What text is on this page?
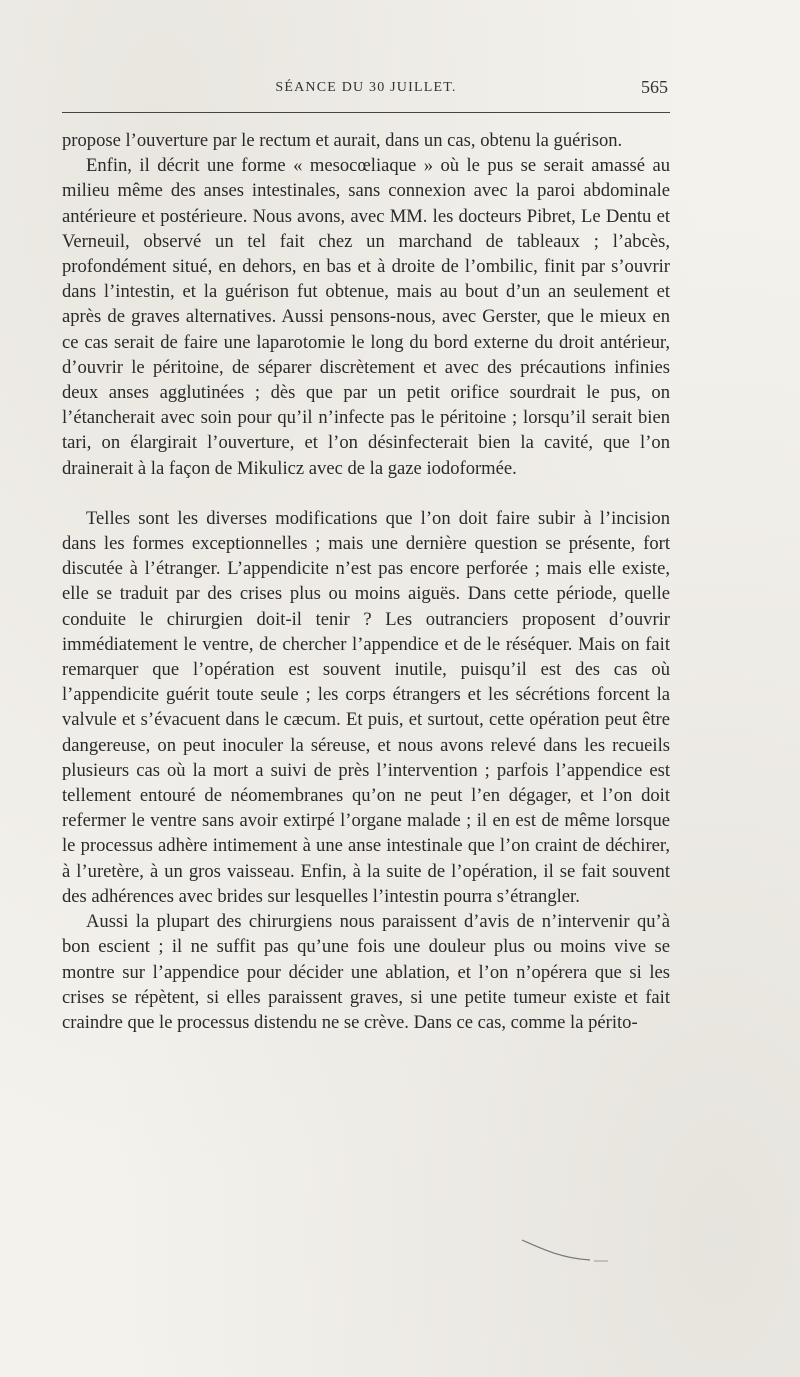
SÉANCE DU 30 JUILLET.	565

propose l’ouverture par le rectum et aurait, dans un cas, obtenu la guérison.

Enfin, il décrit une forme « mesocœliaque » où le pus se serait amassé au milieu même des anses intestinales, sans connexion avec la paroi abdominale antérieure et postérieure. Nous avons, avec MM. les docteurs Pibret, Le Dentu et Verneuil, observé un tel fait chez un marchand de tableaux ; l’abcès, profondément situé, en dehors, en bas et à droite de l’ombilic, finit par s’ouvrir dans l’intestin, et la guérison fut obtenue, mais au bout d’un an seulement et après de graves alternatives. Aussi pensons-nous, avec Gerster, que le mieux en ce cas serait de faire une laparotomie le long du bord externe du droit antérieur, d’ouvrir le péritoine, de séparer discrètement et avec des précautions infinies deux anses agglutinées ; dès que par un petit orifice sourdrait le pus, on l’étancherait avec soin pour qu’il n’infecte pas le péritoine ; lorsqu’il serait bien tari, on élargirait l’ouverture, et l’on désinfecterait bien la cavité, que l’on drainerait à la façon de Mikulicz avec de la gaze iodoformée.

Telles sont les diverses modifications que l’on doit faire subir à l’incision dans les formes exceptionnelles ; mais une dernière question se présente, fort discutée à l’étranger. L’appendicite n’est pas encore perforée ; mais elle existe, elle se traduit par des crises plus ou moins aiguës. Dans cette période, quelle conduite le chirurgien doit-il tenir ? Les outranciers proposent d’ouvrir immédiatement le ventre, de chercher l’appendice et de le réséquer. Mais on fait remarquer que l’opération est souvent inutile, puisqu’il est des cas où l’appendicite guérit toute seule ; les corps étrangers et les sécrétions forcent la valvule et s’évacuent dans le cæcum. Et puis, et surtout, cette opération peut être dangereuse, on peut inoculer la séreuse, et nous avons relevé dans les recueils plusieurs cas où la mort a suivi de près l’intervention ; parfois l’appendice est tellement entouré de néomembranes qu’on ne peut l’en dégager, et l’on doit refermer le ventre sans avoir extirpé l’organe malade ; il en est de même lorsque le processus adhère intimement à une anse intestinale que l’on craint de déchirer, à l’uretère, à un gros vaisseau. Enfin, à la suite de l’opération, il se fait souvent des adhérences avec brides sur lesquelles l’intestin pourra s’étrangler.

Aussi la plupart des chirurgiens nous paraissent d’avis de n’intervenir qu’à bon escient ; il ne suffit pas qu’une fois une douleur plus ou moins vive se montre sur l’appendice pour décider une ablation, et l’on n’opérera que si les crises se répètent, si elles paraissent graves, si une petite tumeur existe et fait craindre que le processus distendu ne se crève. Dans ce cas, comme la périto-
